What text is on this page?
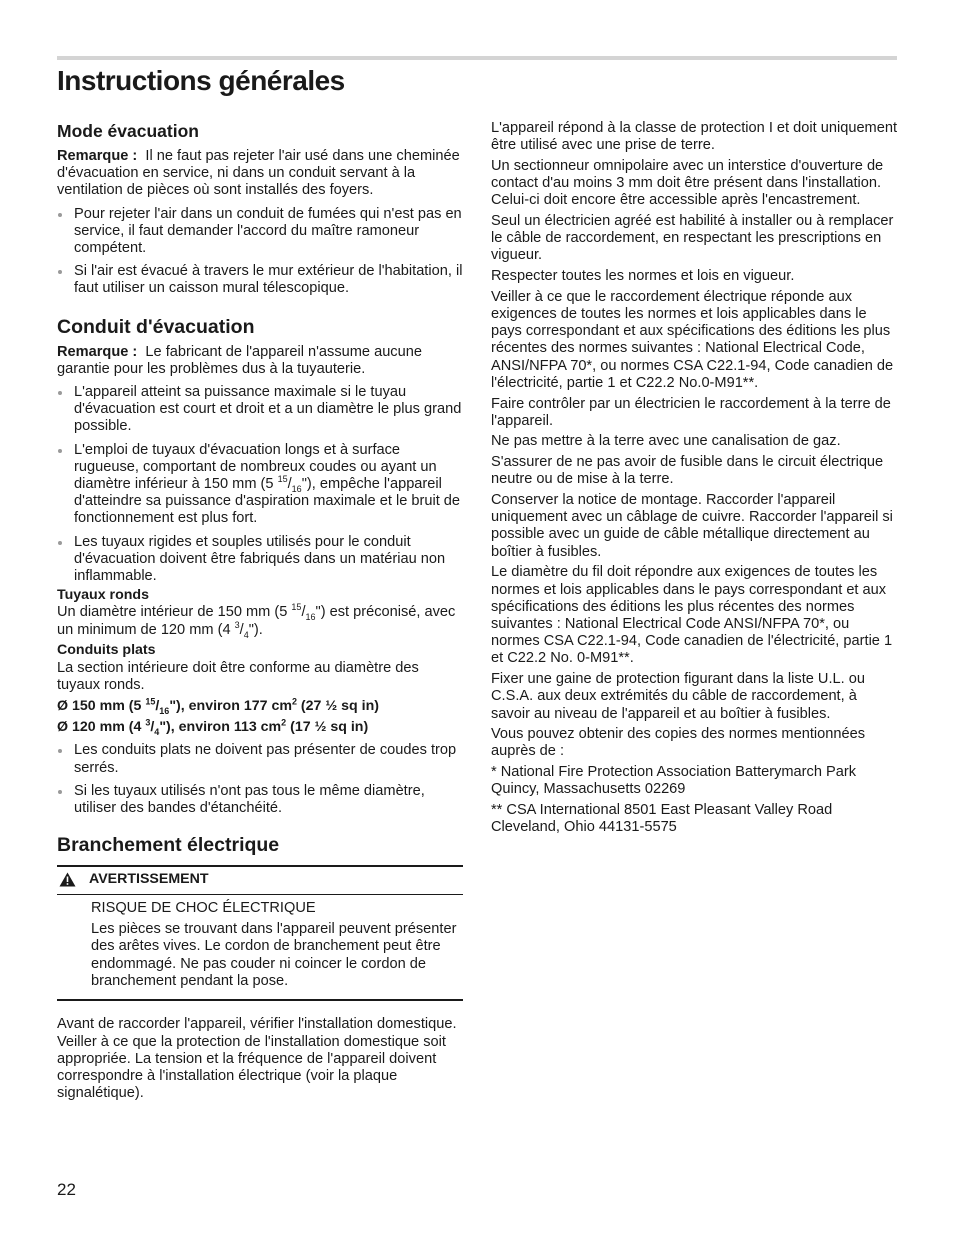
Instructions générales
Mode évacuation

Remarque : Il ne faut pas rejeter l'air usé dans une cheminée d'évacuation en service, ni dans un conduit servant à la ventilation de pièces où sont installés des foyers.

Pour rejeter l'air dans un conduit de fumées qui n'est pas en service, il faut demander l'accord du maître ramoneur compétent.
Si l'air est évacué à travers le mur extérieur de l'habitation, il faut utiliser un caisson mural télescopique.
Conduit d'évacuation

Remarque : Le fabricant de l'appareil n'assume aucune garantie pour les problèmes dus à la tuyauterie.

L'appareil atteint sa puissance maximale si le tuyau d'évacuation est court et droit et a un diamètre le plus grand possible.
L'emploi de tuyaux d'évacuation longs et à surface rugueuse, comportant de nombreux coudes ou ayant un diamètre inférieur à 150 mm (5 $^{15}/_{16}$"), empêche l'appareil d'atteindre sa puissance d'aspiration maximale et le bruit de fonctionnement est plus fort.
Les tuyaux rigides et souples utilisés pour le conduit d'évacuation doivent être fabriqués dans un matériau non inflammable.
Tuyaux ronds

Un diamètre intérieur de 150 mm (5 $^{15}/_{16}$") est préconisé, avec un minimum de 120 mm (4 $^3/_4$").

Conduits plats

La section intérieure doit être conforme au diamètre des tuyaux ronds.

Ø 150 mm (5 $^{15}/_{16}$"), environ 177 $cm^2$ (27 ½ sq in)
Ø 120 mm (4 $^3/_4$"), environ 113 $cm^2$ (17 ½ sq in)
Les conduits plats ne doivent pas présenter de coudes trop serrés.
Si les tuyaux utilisés n'ont pas tous le même diamètre, utiliser des bandes d'étanchéité.
Branchement électrique
AVERTISSEMENT

RISQUE DE CHOC ÉLECTRIQUE

Les pièces se trouvant dans l'appareil peuvent présenter des arêtes vives. Le cordon de branchement peut être endommagé. Ne pas couder ni coincer le cordon de branchement pendant la pose.

Avant de raccorder l'appareil, vérifier l'installation domestique. Veiller à ce que la protection de l'installation domestique soit appropriée. La tension et la fréquence de l'appareil doivent correspondre à l'installation électrique (voir la plaque signalétique).

L'appareil répond à la classe de protection I et doit uniquement être utilisé avec une prise de terre.

Un sectionneur omnipolaire avec un interstice d'ouverture de contact d'au moins 3 mm doit être présent dans l'installation. Celui-ci doit encore être accessible après l'encastrement.

Seul un électricien agréé est habilité à installer ou à remplacer le câble de raccordement, en respectant les prescriptions en vigueur.

Respecter toutes les normes et lois en vigueur.

Veiller à ce que le raccordement électrique réponde aux exigences de toutes les normes et lois applicables dans le pays correspondant et aux spécifications des éditions les plus récentes des normes suivantes : National Electrical Code, ANSI/NFPA 70*, ou normes CSA C22.1-94, Code canadien de l'électricité, partie 1 et C22.2 No.0-M91**.

Faire contrôler par un électricien le raccordement à la terre de l'appareil.

Ne pas mettre à la terre avec une canalisation de gaz.

S'assurer de ne pas avoir de fusible dans le circuit électrique neutre ou de mise à la terre.

Conserver la notice de montage. Raccorder l'appareil uniquement avec un câblage de cuivre. Raccorder l'appareil si possible avec un guide de câble métallique directement au boîtier à fusibles.

Le diamètre du fil doit répondre aux exigences de toutes les normes et lois applicables dans le pays correspondant et aux spécifications des éditions les plus récentes des normes suivantes : National Electrical Code ANSI/NFPA 70*, ou normes CSA C22.1-94, Code canadien de l'électricité, partie 1 et C22.2 No. 0-M91**.

Fixer une gaine de protection figurant dans la liste U.L. ou C.S.A. aux deux extrémités du câble de raccordement, à savoir au niveau de l'appareil et au boîtier à fusibles.

Vous pouvez obtenir des copies des normes mentionnées auprès de :

* National Fire Protection Association Batterymarch Park Quincy, Massachusetts 02269

** CSA International 8501 East Pleasant Valley Road Cleveland, Ohio 44131-5575

22
